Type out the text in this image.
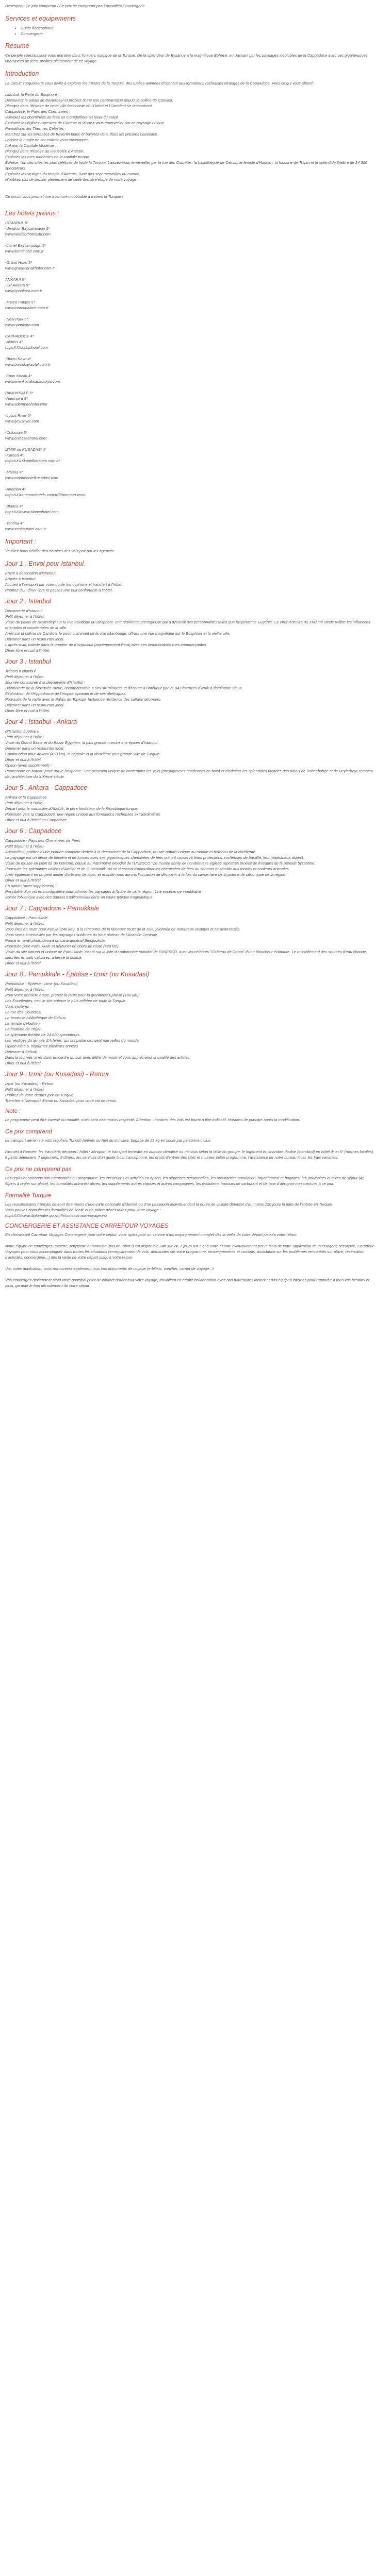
Description Ce prix comprend / Ce prix ne comprend pas Formalités Conciergerie

Services et equipements
• Guide francophone
• Conciergerie
Résumé

Ce périple spectaculaire vous entraîne dans l'univers magique de la Turquie. De la splendeur de Byzance à la magnifique Ephèse, en passant par les paysages insolubles de la Cappadoce avec ses gigantesques cheminées de fées, profitez pleinement de ce voyage.

Introduction
Le Circuit Turquoiserie vous invite à explorer les trésors de la Turquie, des ruelles animées d'Istanbul aux formations rocheuses étranges de la Cappadoce. Voici ce qui vous attend :
Istanbul, la Perle du Bosphore :
Découvrez le palais de Beylerbeyi et profitez d'une vue panoramique depuis la colline de Çamlıca.
Plongez dans l'histoire de cette ville fascinante où l'Orient et l'Occident se rencontrent.
Cappadoce, le Pays des Cheminées :
Survolez les cheminées de fées en montgolfière au lever du soleil.
Explorez les églises rupestres de Göreme et laissez-vous émerveiller par ce paysage unique.
Pamukkale, les Thermes Célestes :
Marchez sur les terrasses de travertin blanc et baignez-vous dans les piscines naturelles.
Laissez la magie de cet endroit vous envelopper.
Ankara, la Capitale Moderne :
Plongez dans l'histoire au mausolée d'Atatürk.
Explorez les rues modernes de la capitale turque.
Éphèse, l'un des sites les plus célèbres de toute la Turquie. Laissez-vous émerveiller par la rue des Courètes, la bibliothèque de Celsus, le temple d'Hadrien, la fontaine de Trajan et le splendide théâtre de 24 000 spectateurs.
Explorez les vestiges du temple d'Artémis, l'une des sept merveilles du monde.
N'oubliez pas de profiter pleinement de cette dernière étape de votre voyage !
Ce circuit vous promet une aventure inoubliable à travers la Turquie !
Les hôtels prévus :
ISTANBUL 5*
-Windsor Baycampaign 5*
www.windsorhotelistd.com
-Lionel Baycampaign 5*
www.lionelhotel.com.tr
-Grand Hotel 5*
www.grandcanakhotel.com.tr
ANKARA 5*
-CP Ankara 5*
www.cpankara.com.tr
-Marco Palace 5*
www.marcopalace.com.tr
-New Park 5*
www.npankara.com
CAPPADOCE 4*
-Aldriss 4*
httpsXXXaldisshotel.com
-Burcu Kaya 4*
www.burcukayaotel.com.tr
-Emin Kocak 4*
www.eminkocakkapadokya.com
PAMUKKALE 5*
-Adempira 5*
www.adempirahotel.com
-Lycus River 5*
www.lycusriver.com
-Colossae 5*
www.colossaehotel.com
IZMIR ou KUSADASI 4*
-Karaca 4*
httpsXXXXkaddikarauca.com.tr/
-Marina 4*
www.marinehotelkusadasi.com
-Anemon 4*
httpsXXXanemonhotels.com/fr/fr/anemon-izmir
-Blanco 4*
httpsXXXwww.blancohotel.com
-Tentina 4*
www.zenitoutotel.com.tr
Important :

Veuillez nous vérifier des horaires des vols prix par les agences

Jour 1 : Envol pour Istanbul.
Envol à destination d'Istanbul.
Arrivée à Istanbul.
Accueil à l'aéroport par votre guide francophone et transfert à l'hôtel.
Profitez d'un dîner libre et passez une nuit confortable à l'hôtel.
Jour 2 : Istanbul
Découverte d'Istanbul
Petit déjeuner à l'hôtel.
Visite du palais de Beylerbeyi sur la rive asiatique du Bosphore, une résidence prestigieuse qui a accueilli des personnalités telles que l'impératrice Eugénie. Ce chef-d'œuvre du XIXème siècle reflète les influences orientales et occidentales de la ville.
Arrêt sur la colline de Çamlıca, le point culminant de la ville istanbouge, offrant une vue magnifique sur le Bosphore et la vieille ville.
Déjeuner dans un restaurant local.
L'après-midi, balade dans le quartier de Kuzguncuk (anciennement Pera) avec ses innombrables rues commerçantes.
Dîner libre et nuit à l'hôtel.
Jour 3 : Istanbul
Trésors d'Istanbul
Petit déjeuner à l'hôtel.
Journée consacrée à la découverte d'Istanbul !
Découverte de la Mosquée Bleue, reconnaissable à ses six minarets et décorée à l'intérieur par 21 043 faïences d'Iznik à dominante bleue.
Exploration de l'Hippodrome de l'empire byzantin et de ses obélisques.
Poursuite de la visite avec le Palais de Topkapi, fastueuse résidence des sultans ottomans.
Déjeuner dans un restaurant local.
Dîner libre et nuit à l'hôtel.
Jour 4 : Istanbul - Ankara
D'Istanbul à Ankara
Petit déjeuner à l'hôtel.
Visite du Grand Bazar et du Bazar Égyptien, la plus grande marché aux épices d'Istanbul.
Déjeuner dans un restaurant local.
Continuation pour Ankara (450 km), la capitale et la deuxième plus grande ville de Turquie.
Dîner et nuit à l'hôtel.
Option (avec supplément) :
Promenade en bateau privé sur le Bosphore : une occasion unique de contempler les yalis (prestigieuses résidences en bois) et d'admirer les splendides façades des palais de Dolmabahçe et de Beylerbeyi, témoins de l'architecture du XIXème siècle.
Jour 5 : Ankara - Cappadoce
Ankara et la Cappadoce
Petit déjeuner à l'hôtel.
Départ pour le mausolée d'Atatürk, le père fondateur de la République turque.
Poursuite vers la Cappadoce, une région unique aux formations rocheuses extraordinaires.
Dîner et nuit à l'hôtel en Cappadoce.
Jour 6 : Cappadoce
Cappadoce - Pays des Cheminées de Fées
Petit déjeuner à l'hôtel.
Aujourd'hui, profitez d'une journée complète dédiée à la découverte de la Cappadoce, un site naturel unique au monde et berceau de la chrétienté.
Le paysage est un décor de lumière et de formes avec ses gigantesques cheminées de fées qui ont conservé leurs protections, rocheuses de basalte, leur majestueux aspect.
Visite du musée en plein air de Göreme, classé au Patrimoine Mondial de l'UNESCO. Ce musée abrite de nombreuses églises rupestres ornées de fresques de la période byzantine.
Poursuite les splendides vallées d'Avcilar et de Guvercinlik, où se dressent d'innombrables cheminées de fées au sommet ensemble aux formes et couleurs animales.
Arrêt également en un petit atelier d'artisans de tapis, et ensuite nous aurons l'occasion de découvrir à la fois du savoir-faire de la poterie de céramique de la région.
Dîner et nuit à l'hôtel.
En option (avec supplément) :
Possibilité d'un vol en montgolfière pour admirer les paysages à l'aube de cette région. Une expérience inoubliable !
Soirée folklorique avec des danses traditionnelles dans un cadre typique troglodytique.
Jour 7 : Cappadoce - Pamukkale
Cappadoce - Pamukkale
Petit déjeuner à l'hôtel.
Vous êtes en route pour Konya (240 km), à la rencontre de la fameuse route de la soie, jalonnée de nombreux vestiges et caravansérails.
Vous serez émerveillés par les paysages sublimes du haut plateau de l'Anatolie Centrale.
Pause en arrêt photo devant un caravansérail Seldjoukide.
Poursuite pour Pamukkale et déjeuner en cours de route (420 km).
Visite du site naturel et unique de Pamukkale, inscrit sur la liste du patrimoine mondial de l'UNESCO, avec les célèbres "Château de Coton" d'une blancheur éclatante. Le ruissellement des sources d'eau chaude, saturées en sels calcaires, a laissé la falaise.
Dîner et nuit à l'hôtel.
Jour 8 : Pamukkale - Éphèse - Izmir (ou Kusadasi)
Pamukkale - Éphèse - Izmir (ou Kusadasi)
Petit déjeuner à l'hôtel.
Pour votre dernière étape, prenez la route pour la grandiose Éphèse (180 km).
Les Excellentes, ceci le site antique le plus célèbre de toute la Turquie.
Vous visiterez :
La rue des Courètes,
La fameuse bibliothèque de Celsus,
Le temple d'Hadrien,
La fontaine de Trajan,
Le splendide théâtre de 24 000 spectateurs.
Les vestiges du temple d'Artémis, qui fait partie des sept merveilles du monde.
Option Pâté a, séjournez plusieurs années
Déjeuner à Selcuk.
Dans la journée, arrêt dans un centre du cuir avec défilé de mode et vous apprécierez la qualité des articles.
Dîner et nuit à l'hôtel.
Jour 9 : Izmir (ou Kusadasi) - Retour
Izmir (ou Kusadasi) - Retour
Petit déjeuner à l'hôtel.
Profitez de votre dernier jour en Turquie.
Transfert à l'aéroport d'Izmir ou Kusadasi pour votre vol de retour.
Note :
Le programme peut être inversé ou modifié, mais sera néanmoins respecté. Attention : horaires des vols est fourni à titre indicatif. Horaires de principe après la modification.
Ce prix comprend
Le transport aérien sur vols réguliers Turkish Airlines ou Ajet ou similaire, bagage de 23 kg en soute par personne inclus.
l'accueil à l'arrivée, les transferts aéroport / hôtel / aéroport, le transport terrestre en autocar climatisé ou minibus selon la taille du groupe, le logement en chambre double (standard) en hôtel 4* et 5* (normes locales), 8 petits déjeuners, 7 déjeuners, 5 dîners, les services d'un guide local francophone, les droits d'entrée des sites et musées selon programme, l'assistance de notre bureau local, les frais variables.
Ce prix ne comprend pas
Les repas et boissons non mentionnés au programme, les excursions et activités en option, les dépenses personnelles, les assurances annulation, rapatriement et bagages, les pourboires et taxes de séjour (45 €/pers à régler sur place), les formalités administratives, les suppléments autres classes et autres compagnies, les évolutions hausses de carburant et de taux d'aéroport non connues à ce jour.
Formalité Turquie
Les ressortissants français devront être munis d'une carte nationale d'identité ou d'un passeport individuel dont la durée de validité dépasse d'au moins 150 jours la date de l'entrée en Turquie.
Vous pouvez consulter les formalités de santé et de police nécessaires pour votre voyage :
httpsXXXwww.diplomatie.gouv.fr/fr/conseils-aux-voyageurs/
CONCIERGERIE ET ASSISTANCE CARREFOUR VOYAGES
En choisissant Carrefour Voyages Conciergerie pour votre séjour, vous optez pour un service d'accompagnement complet dès la veille de votre départ jusqu'à votre retour.
Notre équipe de concierges, experte, polyglotte et humaine (pas de robot !) est disponible 24h sur 24, 7 jours sur 7 et à votre écoute exclusivement par le biais de votre application de messagerie sécurisée, Carrefour Voyages pour vous accompagner dans toutes les situations (enregistrement de vols, demandes sur votre programme, renseignements et conseils, assistance sur les problèmes rencontrés sur place, réservation d'activités, conciergerie...) dès la veille de votre départ jusqu'à votre retour.
Vos voies application, vous retrouverez également tous vos documents de voyage (e-billets, voucher, carnet de voyage...)
Vos concierges deviennent alors votre principal point de contact durant tout votre voyage, travaillant en étroite collaboration avec nos partenaires locaux et nos équipes internes pour répondre à tous vos besoins et ainsi, garantir le bon déroulement de votre séjour.
